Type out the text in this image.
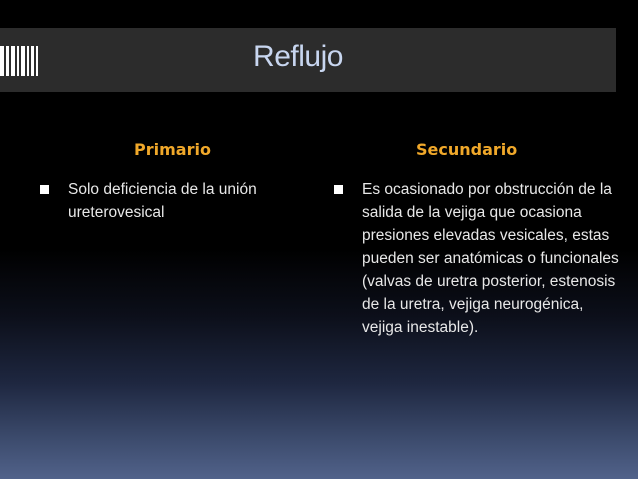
Reflujo
Primario	Secundario
Solo deficiencia de la unión ureterovesical
Es ocasionado por obstrucción de la salida de la vejiga que ocasiona presiones elevadas vesicales, estas pueden ser anatómicas o funcionales (valvas de uretra posterior, estenosis de la uretra, vejiga neurogénica, vejiga inestable).
